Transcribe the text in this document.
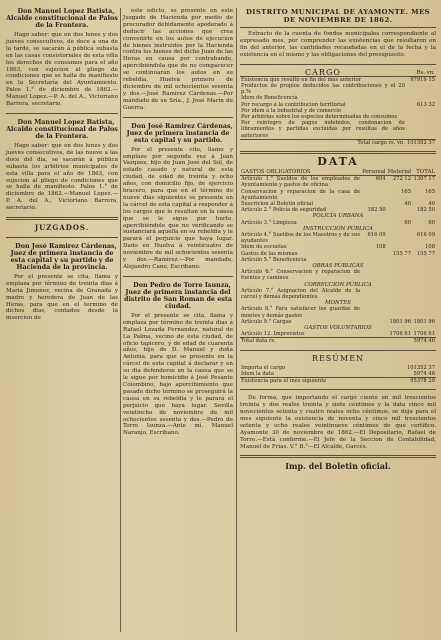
Don Manuel Lopez Batista, Alcalde constitucional de Palos de la Frontera.

Hago saber: que en dos lunes y dos jueves consecutivos, de doce a una de la tarde, se sacarán á pública subasta en las casas consistoriales de esta villa los derechos de consumos para el año 1863, con sujecion al pliego de condiciones que se halla de manifiesto en la Secretaría del Ayuntamiento. Palos 1.° de diciembre de 1862.—Manuel Lopez.—P. A. del A., Victoriano Barrera, secretario.

Don Manuel Lopez Batista, Alcalde constitucional de Palos de la Frontera.

Hago saber: que en dos lunes y dos jueves consecutivos, de las nueve a las doce del dia, se sacarán á pública subasta los arbitrios municipales de esta villa para el año de 1863, con sujecion al pliego de condiciones que se halla de manifiesto. Palos 1.° de diciembre de 1862.—Manuel Lopez.—P. A. del A., Victoriano Barrera, secretario.

JUZGADOS.

Don José Ramirez Cárdenas, Juez de primera instancia de esta capital y su partido y de Hacienda de la provincia.

Por el presente se cita, llama y emplaza por término de treinta dias á Maria Jimenez, vecina de Granada y madre y heredera de Juan de las Heras, para que en el termino de dichos dias, contados desde la insercion de

este edicto, se presente en este Juzgado de Hacienda por medio de procurador debidamente apoderado á deducir las acciones que crea convenirle en los autos de ejecucion de bienes instruidos por la Hacienda contra los bienes del dicho Juan de las Heras en causa por contrabando, apercibiéndola que de no comparecer se continuarán los autos en su rebeldía. Huelva primero de diciembre de mil ochocientos sesenta y dos.—José Ramirez Cárdenas.—Por mandado de su Sría., J. José Marín de Guerra.

Don José Ramirez Cárdenas, Juez de primera instancia de esta capital y su partido.

Por el presente cito, llamo y emplazo por segunda vez á Juan Vazquez, hijo de Juan José del Sol, de estado casado y natural de esta ciudad, de edad de treinta y ocho años, con domicilio fijo, de ejercicio bracero, para que en el término de nueve dias siguientes se presente en la cárcel de esta capital á responder á los cargos que le resultan en la causa que se le sigue por hurto, apercibiéndole que no verificando se sustanciará aquella en su rebeldía y le parará el perjuicio que haya lugar. Dado en Huelva á veinticuatro de noviembre de mil ochocientos sesenta y dos.—Ramirez.—Por mandado, Alejandro Cano, Escribano.

Don Pedro de Torre Isunza, Juez de primera instancia del distrito de San Roman de esta ciudad.

Por el presente se cita, llama y emplaza por término de treinta dias á Rafael Lozada Fernandez, natural de La Palma, vecino de esta ciudad, de oficio tapicero, y de edad de cuarenta años, hijo de D. Manuel y doña Antonia, para que se presente en la cárcel de esta capital á declarar y en su dia defenderse en la causa que se le sigue por homicidio á José Pesante Colombino, bajo apercibimiento que pasado dicho término se proseguirá la causa en su rebeldía y le parará el perjuicio que haya lugar. Sevilla veintiocho de noviembre de mil ochocientos sesenta y dos.—Pedro de Torre Isunza.—Ante mí, Manuel Naranjo, Escribano.

DISTRITO MUNICIPAL DE AYAMONTE. MES DE NOVIEMBRE DE 1862.

Extracto de la cuenta de fondos municipales correspondiente al expresado mes, por comprender las existencias que resultaron en fin del anterior, las cantidades recaudadas en el de la fecha y la existencia en el mismo y las obligaciones del presupuesto.

CARGO	Rs. vn.
Existencia que resultó en fin del mes anterior	97919 15
Productos de propios deducidos las contribuciones y el 20 p.%	
Idem de Beneficencia	
Por recargo á la contribucion territorial	613 32
Por idem á la industrial y de comercio	
Por arbitrios sobre los especies determinadas de consumos	
Por reintegro de pagos indebidos, condonacion de libramientos y partidas excluidas por resultas de años anteriores	
Total cargo rs. vn.	101352 37
DATA
GASTOS OBLIGATORIOS	Personal	Material	TOTAL
Artículo 1.° Sueldos de los empleados de Ayuntamiento y gastos de oficina	604	272 12	1307 17
Conservacion y reparacion de la casa de Ayuntamiento		165	165
Suscricion al Boletin oficial		40	40
Artículo 2.° Policía de seguridad	182 50		182 50
POLICÍA URBANA			
Artículo 3.° Limpieza		60	60
INSTRUCCION PÚBLICA			
Artículo 4.° Sueldos de los Maestros y de sus ayudantes	616 09		616 09
Idem de escuelas	108		108
Gastos de las mismas		155 77	155 77
Artículo 5.° Beneficencia			
OBRAS PÚBLICAS			
Artículo 6.° Conservacion y reparacion de fuentes y caminos			
CORRECCION PÚBLICA			
Artículo 7.° Asignacion del Alcalde de la cárcel y demás dependientes			
MONTES			
Artículo 8.° Para satisfacer los guardas de montes y demás gastos			
Artículo 9.° Cargas		1801 96	1801 96
GASTOS VOLUNTARIOS			
Artículo 12. Imprevistos		1706 61	1706 61
Total data rs.			5974 46
RESÚMEN
Importa el cargo	101352 37
Idem la data	5974 46
Existencia para el mes siguiente	95378 29

De forma, que importando el cargo ciento un mil trescientos treinta y dos reales treinta y siete céntimos y la data cinco mil novecientos setenta y cuatro reales ocho céntimos, se deja para el mes siguiente la existencia de noventa y cinco mil trescientos setenta y ocho reales veintinueve céntimos de que certifico. Ayamonte 30 de noviembre de 1862.—El Depositario, Rafael de Torre.—Está conforme.—El Jefe de la Seccion de Contabilidad, Manuel de Frias. V.° B.°—El Alcalde, Garcés.

Imp. del Boletin oficial.
